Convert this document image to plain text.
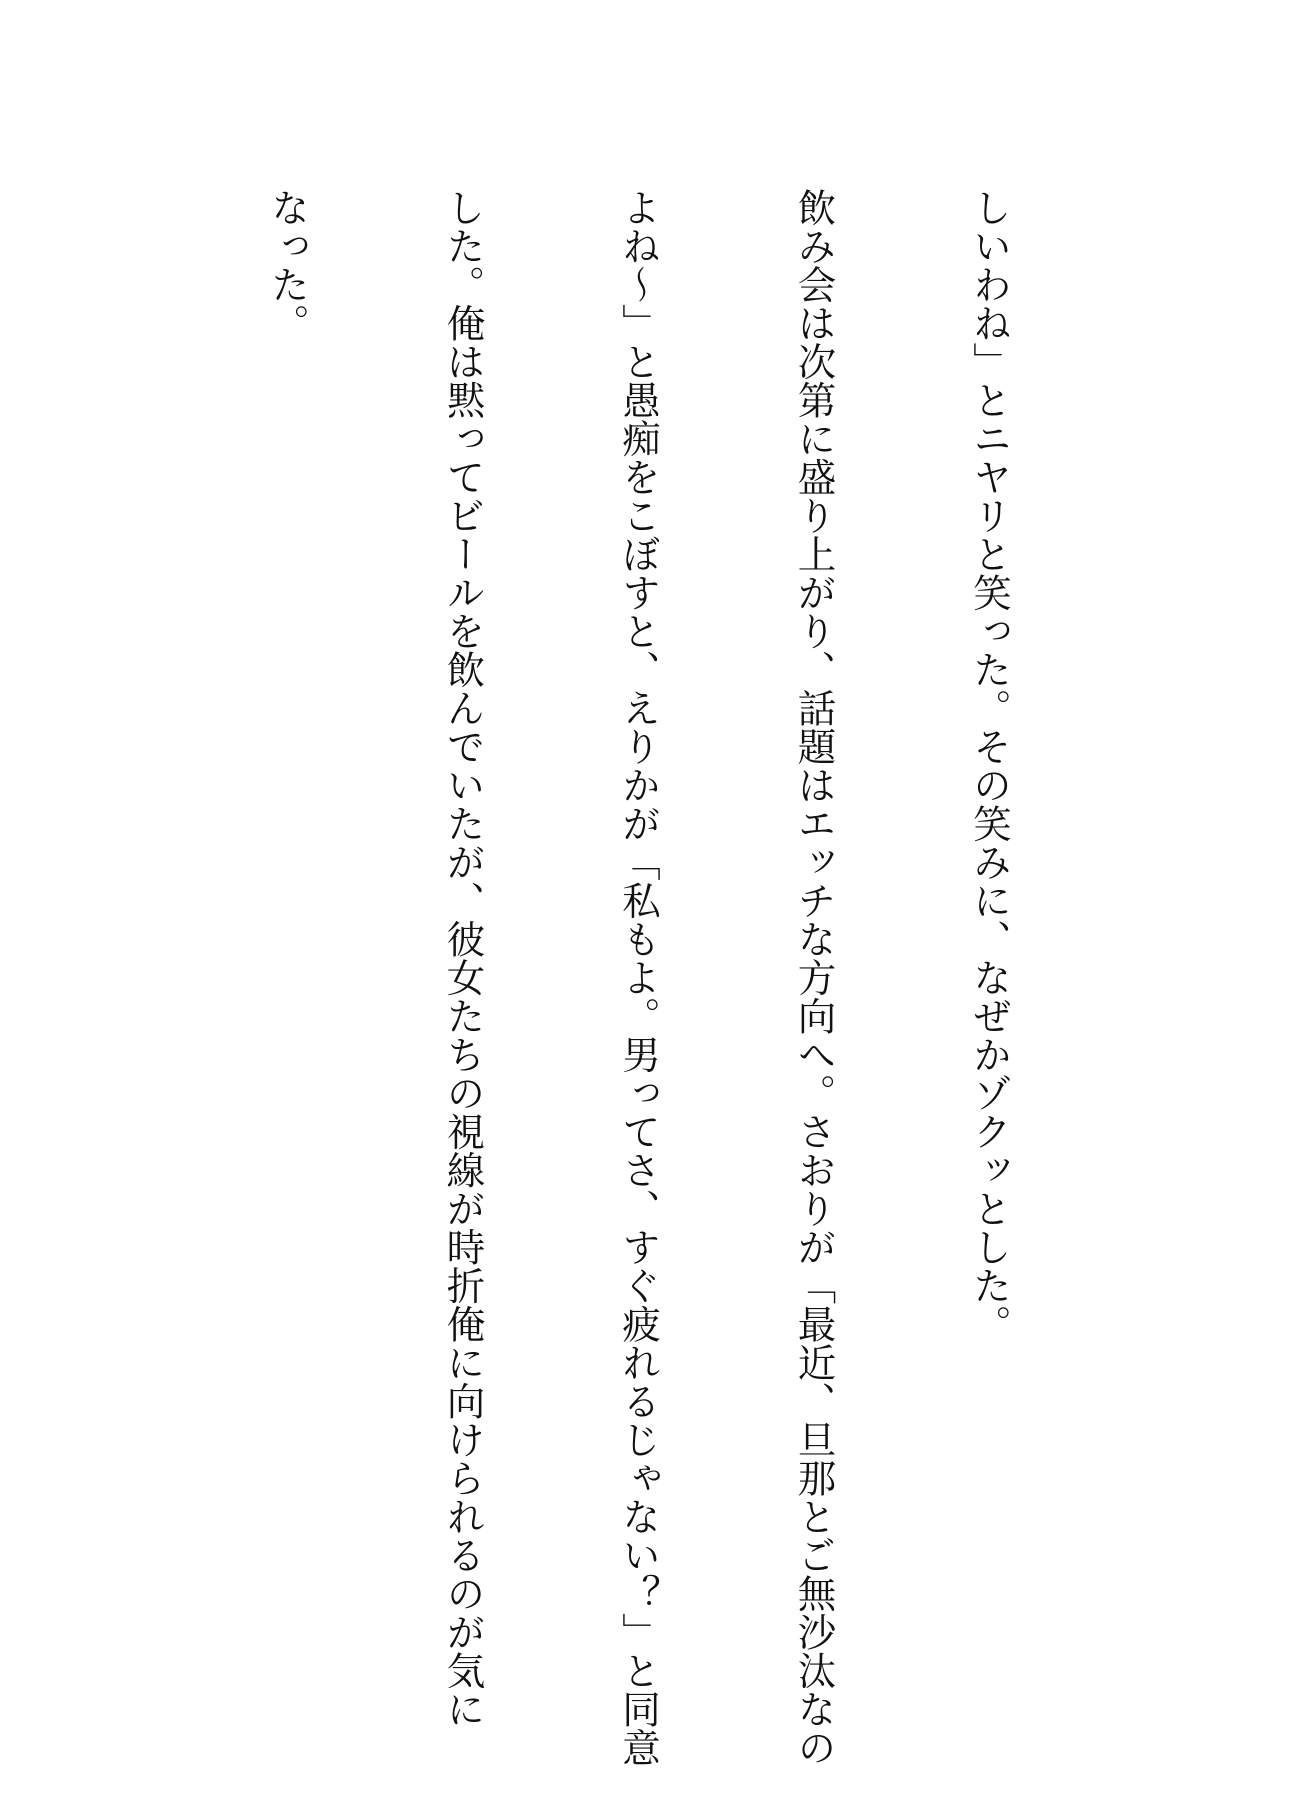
しいわね」とニヤリと笑った。その笑みに、なぜかゾクッとした。

飲み会は次第に盛り上がり、話題はエッチな方向へ。さおりが「最近、旦那とご無沙汰なの

よね〜」と愚痴をこぼすと、えりかが「私もよ。男ってさ、すぐ疲れるじゃない？」と同意

した。俺は黙ってビールを飲んでいたが、彼女たちの視線が時折俺に向けられるのが気に

なった。
